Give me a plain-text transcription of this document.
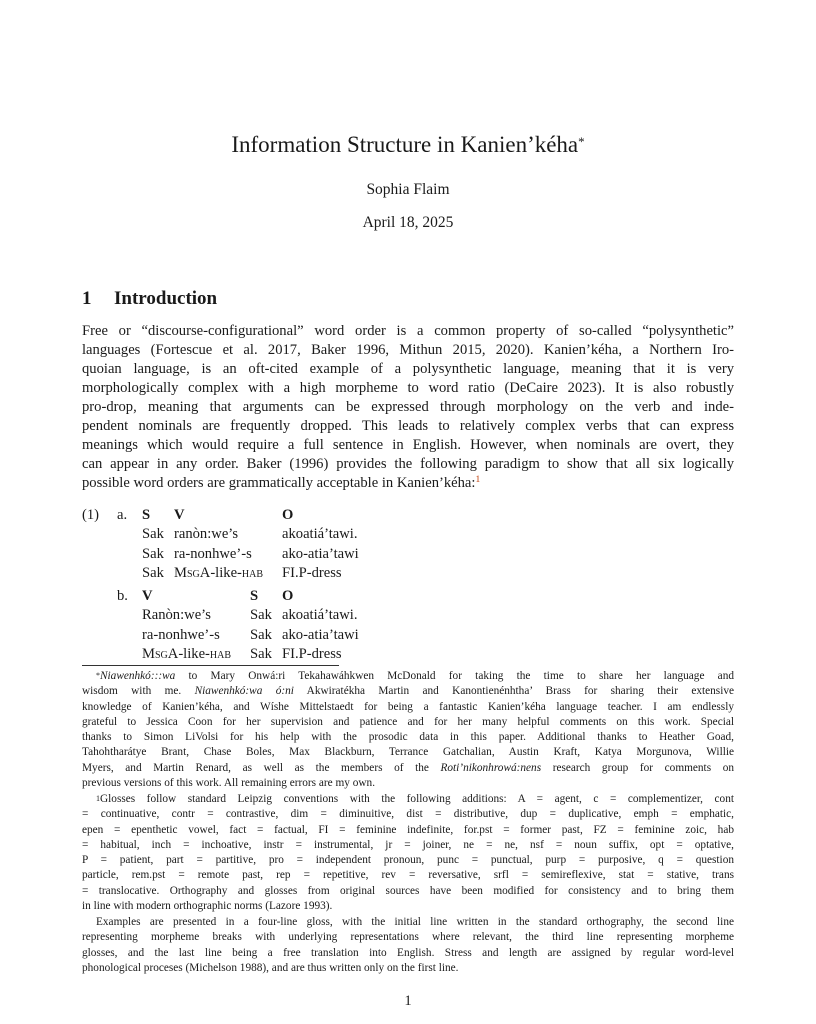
Information Structure in Kanien’kéha*
Sophia Flaim
April 18, 2025
1 Introduction
Free or “discourse-configurational” word order is a common property of so-called “polysynthetic”
languages (Fortescue et al. 2017, Baker 1996, Mithun 2015, 2020). Kanien’kéha, a Northern Iro-
quoian language, is an oft-cited example of a polysynthetic language, meaning that it is very
morphologically complex with a high morpheme to word ratio (DeCaire 2023). It is also robustly
pro-drop, meaning that arguments can be expressed through morphology on the verb and inde-
pendent nominals are frequently dropped. This leads to relatively complex verbs that can express
meanings which would require a full sentence in English. However, when nominals are overt, they
can appear in any order. Baker (1996) provides the following paradigm to show that all six logically
possible word orders are grammatically acceptable in Kanien’kéha:$^1$
(1) a. S V	O
Sak ranòn:we’s	akoatiá’tawi.
Sak ra-nonhwe’-s ako-atia’tawi
Sak MsgA-like-hab FI.P-dress
b. V	S O
Ranòn:we’s	Sak akoatiá’tawi.
ra-nonhwe’-s Sak ako-atia’tawi
MsgA-like-hab Sak FI.P-dress
*Niawenhkó:::wa to Mary Onwá:ri Tekahawáhkwen McDonald for taking the time to share her language and
wisdom with me. Niawenhkó:wa ó:ni Akwiratékha Martin and Kanontienénhtha’ Brass for sharing their extensive
knowledge of Kanien’kéha, and Wíshe Mittelstaedt for being a fantastic Kanien’kéha language teacher. I am endlessly
grateful to Jessica Coon for her supervision and patience and for her many helpful comments on this work. Special
thanks to Simon LiVolsi for his help with the prosodic data in this paper. Additional thanks to Heather Goad,
Tahohtharátye Brant, Chase Boles, Max Blackburn, Terrance Gatchalian, Austin Kraft, Katya Morgunova, Willie
Myers, and Martin Renard, as well as the members of the Roti’nikonhrowá:nens research group for comments on
previous versions of this work. All remaining errors are my own.
$^1$Glosses follow standard Leipzig conventions with the following additions: A = agent, c = complementizer, cont
= continuative, contr = contrastive, dim = diminuitive, dist = distributive, dup = duplicative, emph = emphatic,
epen = epenthetic vowel, fact = factual, FI = feminine indefinite, for.pst = former past, FZ = feminine zoic, hab
= habitual, inch = inchoative, instr = instrumental, jr = joiner, ne = ne, nsf = noun suffix, opt = optative,
P = patient, part = partitive, pro = independent pronoun, punc = punctual, purp = purposive, q = question
particle, rem.pst = remote past, rep = repetitive, rev = reversative, srfl = semireflexive, stat = stative, trans
= translocative. Orthography and glosses from original sources have been modified for consistency and to bring them
in line with modern orthographic norms (Lazore 1993).
Examples are presented in a four-line gloss, with the initial line written in the standard orthography, the second line
representing morpheme breaks with underlying representations where relevant, the third line representing morpheme
glosses, and the last line being a free translation into English. Stress and length are assigned by regular word-level
phonological proceses (Michelson 1988), and are thus written only on the first line.
1
